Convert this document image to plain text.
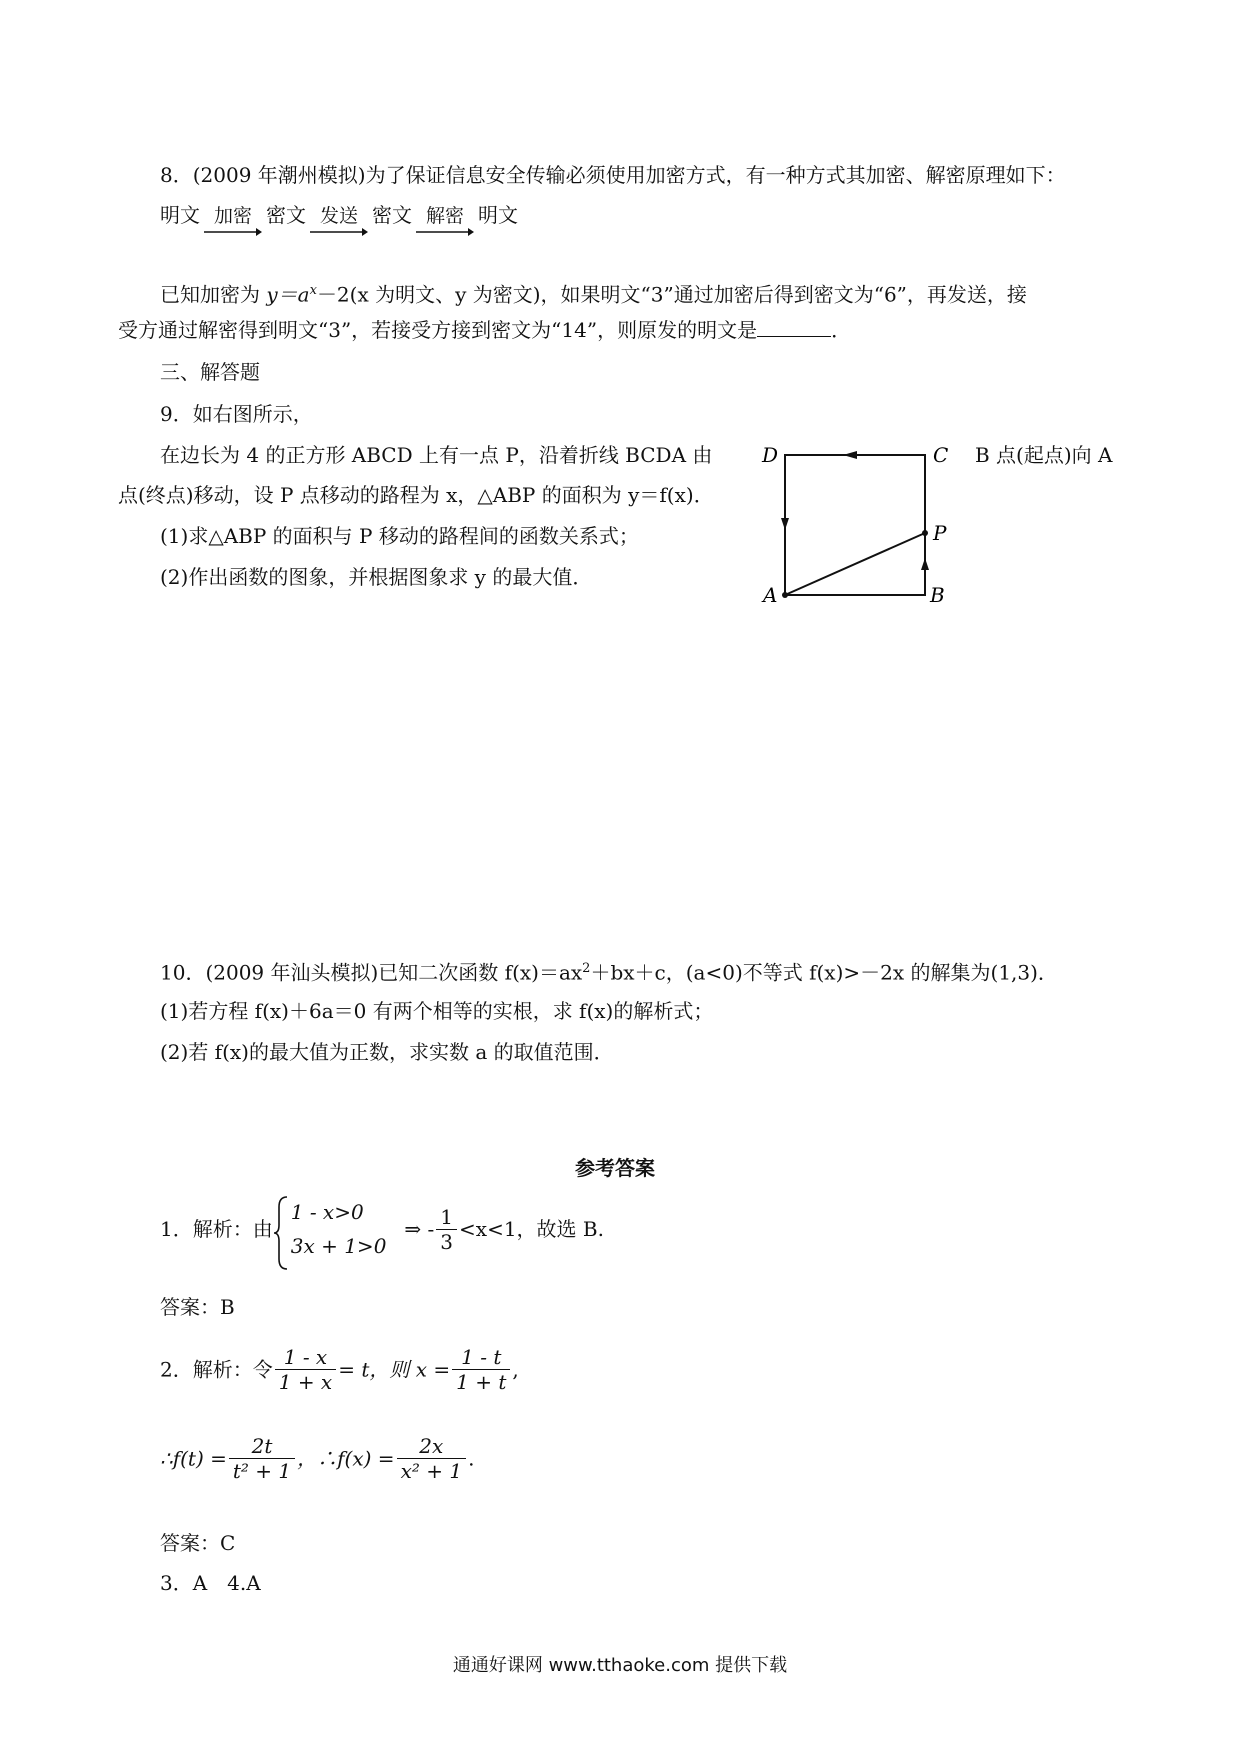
8．(2009 年潮州模拟)为了保证信息安全传输必须使用加密方式，有一种方式其加密、解密原理如下：
明文 加密 密文 发送 密文 解密 明文
已知加密为 $y=a^x-2(x$ 为明文、y 为密文)，如果明文“3”通过加密后得到密文为“6”，再发送，接
受方通过解密得到明文“3”，若接受方接到密文为“14”，则原发的明文是	．
三、解答题
9．如右图所示，
在边长为 4 的正方形 ABCD 上有一点 P，沿着折线 BCDA 由	B 点(起点)向 A
点(终点)移动，设 P 点移动的路程为 x，△ABP 的面积为 y＝f(x)．
(1)求△ABP 的面积与 P 移动的路程间的函数关系式；
(2)作出函数的图象，并根据图象求 y 的最大值．
D	C
P
A	B
10．(2009 年汕头模拟)已知二次函数 $f(x)=ax^2+bx+c$，(a<0)不等式 f(x)>－2x 的解集为(1,3)．
(1)若方程 f(x)＋6a＝0 有两个相等的实根，求 f(x)的解析式；
(2)若 f(x)的最大值为正数，求实数 a 的取值范围．
参考答案
1．解析：由
1 - x>0
3x + 1>0
⇒ - $\frac{1}{3} <x<1$，故选 B.
答案：B
2．解析：令 $\frac{1 - x}{1 + x} = t$，则 $x = \frac{1 - t}{1 + t}$ ,
∴f(t) = $\frac{2t}{\text{t² + 1}}$ ，∴f(x) = $\frac{2x}{\text{x² + 1}}$ .
答案：C
3．A　4.A
通通好课网 www.tthaoke.com 提供下载
